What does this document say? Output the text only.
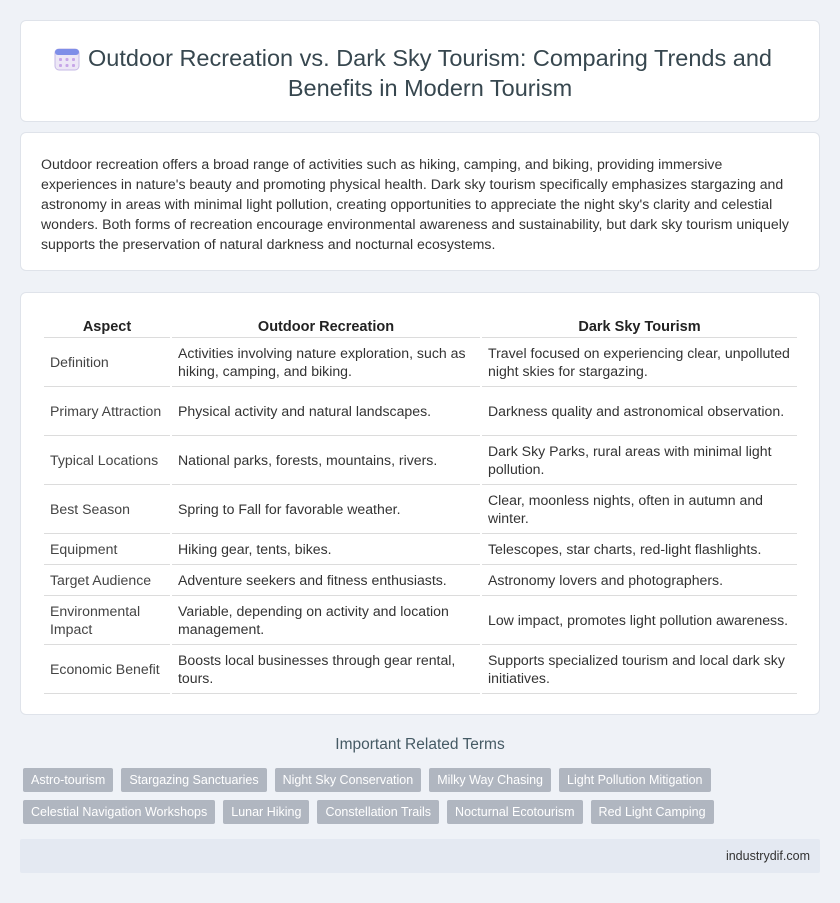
Outdoor Recreation vs. Dark Sky Tourism: Comparing Trends and Benefits in Modern Tourism

Outdoor recreation offers a broad range of activities such as hiking, camping, and biking, providing immersive experiences in nature's beauty and promoting physical health. Dark sky tourism specifically emphasizes stargazing and astronomy in areas with minimal light pollution, creating opportunities to appreciate the night sky's clarity and celestial wonders. Both forms of recreation encourage environmental awareness and sustainability, but dark sky tourism uniquely supports the preservation of natural darkness and nocturnal ecosystems.

Aspect	Outdoor Recreation	Dark Sky Tourism
Definition	Activities involving nature exploration, such as hiking, camping, and biking.	Travel focused on experiencing clear, unpolluted night skies for stargazing.
Primary Attraction	Physical activity and natural landscapes.	Darkness quality and astronomical observation.
Typical Locations	National parks, forests, mountains, rivers.	Dark Sky Parks, rural areas with minimal light pollution.
Best Season	Spring to Fall for favorable weather.	Clear, moonless nights, often in autumn and winter.
Equipment	Hiking gear, tents, bikes.	Telescopes, star charts, red-light flashlights.
Target Audience	Adventure seekers and fitness enthusiasts.	Astronomy lovers and photographers.
Environmental Impact	Variable, depending on activity and location management.	Low impact, promotes light pollution awareness.
Economic Benefit	Boosts local businesses through gear rental, tours.	Supports specialized tourism and local dark sky initiatives.
Important Related Terms
Astro-tourism	Stargazing Sanctuaries	Night Sky Conservation	Milky Way Chasing	Light Pollution Mitigation
Celestial Navigation Workshops	Lunar Hiking	Constellation Trails	Nocturnal Ecotourism	Red Light Camping
industrydif.com
